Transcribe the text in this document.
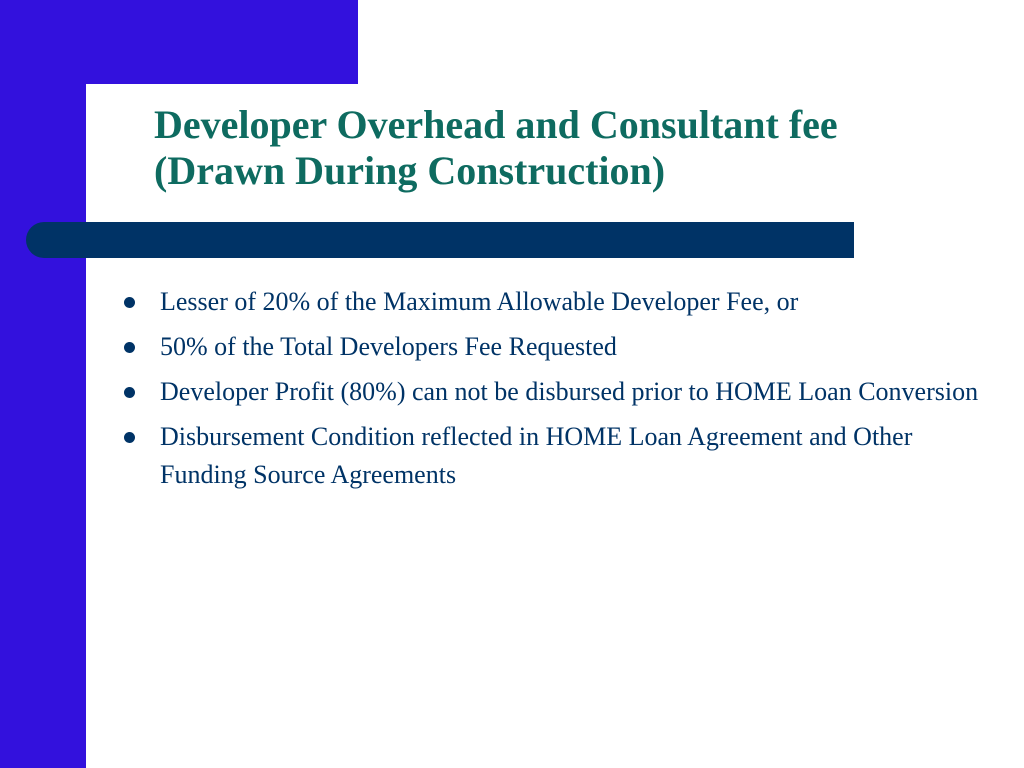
Developer Overhead and Consultant fee
(Drawn During Construction)
Lesser of 20% of the Maximum Allowable Developer Fee, or
50% of the Total Developers Fee Requested
Developer Profit (80%) can not be disbursed prior to HOME Loan Conversion
Disbursement Condition reflected in HOME Loan Agreement and Other Funding Source Agreements
